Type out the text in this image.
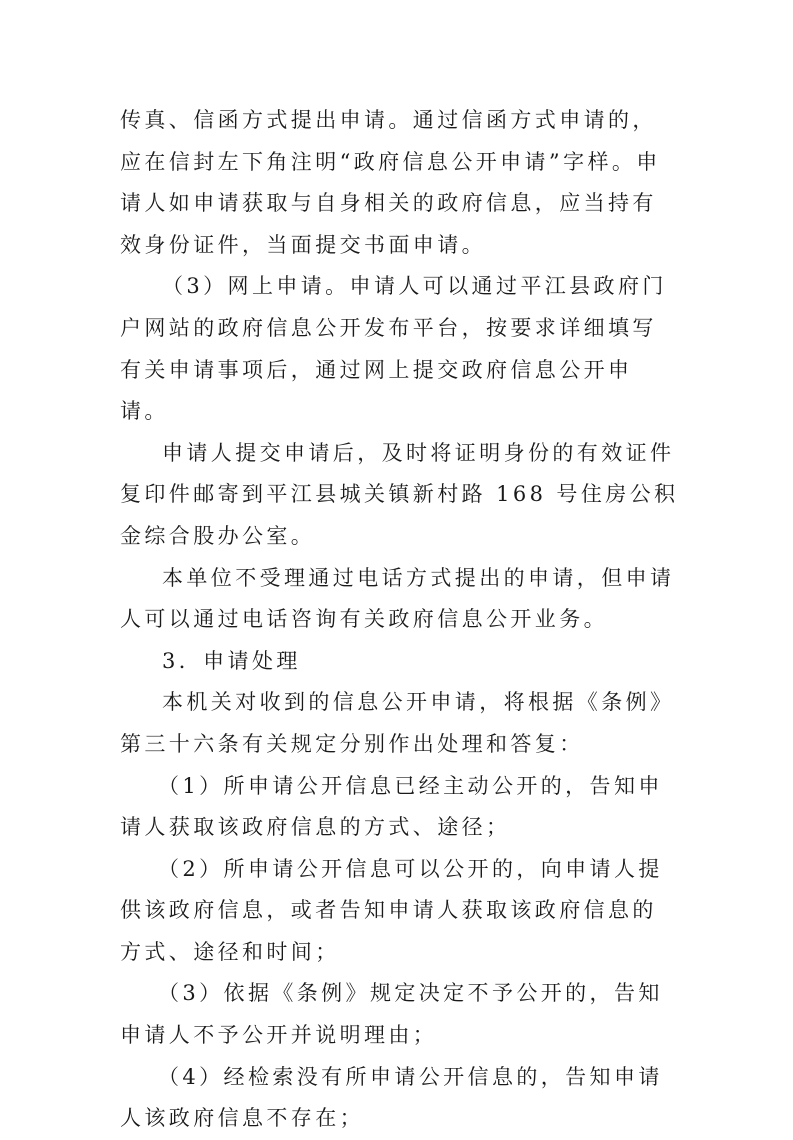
传真、信函方式提出申请。通过信函方式申请的，应在信封左下角注明“政府信息公开申请”字样。申请人如申请获取与自身相关的政府信息，应当持有效身份证件，当面提交书面申请。

（3）网上申请。申请人可以通过平江县政府门户网站的政府信息公开发布平台，按要求详细填写有关申请事项后，通过网上提交政府信息公开申请。

申请人提交申请后，及时将证明身份的有效证件复印件邮寄到平江县城关镇新村路 168 号住房公积金综合股办公室。

本单位不受理通过电话方式提出的申请，但申请人可以通过电话咨询有关政府信息公开业务。

3．申请处理

本机关对收到的信息公开申请，将根据《条例》第三十六条有关规定分别作出处理和答复：

（1）所申请公开信息已经主动公开的，告知申请人获取该政府信息的方式、途径；

（2）所申请公开信息可以公开的，向申请人提供该政府信息，或者告知申请人获取该政府信息的方式、途径和时间；

（3）依据《条例》规定决定不予公开的，告知申请人不予公开并说明理由；

（4）经检索没有所申请公开信息的，告知申请人该政府信息不存在；
